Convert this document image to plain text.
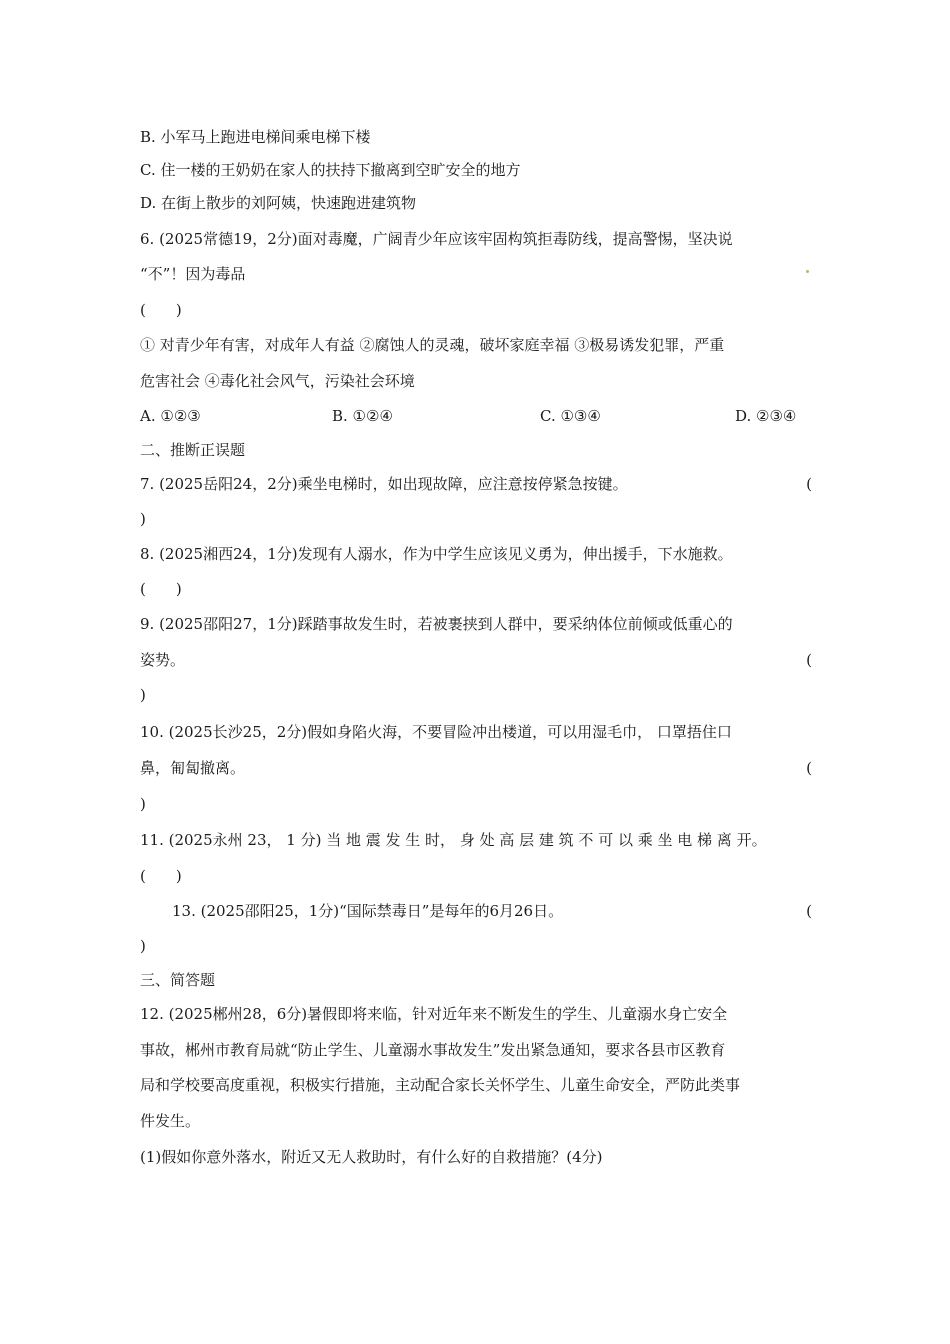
B. 小军马上跑进电梯间乘电梯下楼
C. 住一楼的王奶奶在家人的扶持下撤离到空旷安全的地方
D. 在街上散步的刘阿姨，快速跑进建筑物
6. (2025常德19，2分)面对毒魔，广阔青少年应该牢固构筑拒毒防线，提高警惕，坚决说
“不”！因为毒品
(　　)
① 对青少年有害，对成年人有益 ②腐蚀人的灵魂，破坏家庭幸福 ③极易诱发犯罪，严重
危害社会 ④毒化社会风气，污染社会环境
A. ①②③	B. ①②④	C. ①③④	D. ②③④
二、推断正误题
7. (2025岳阳24，2分)乘坐电梯时，如出现故障，应注意按停紧急按键。	(
)
8. (2025湘西24，1分)发现有人溺水，作为中学生应该见义勇为，伸出援手，下水施救。
(　　)
9. (2025邵阳27，1分)踩踏事故发生时，若被裹挟到人群中，要采纳体位前倾或低重心的
姿势。	(
)
10. (2025长沙25，2分)假如身陷火海，不要冒险冲出楼道，可以用湿毛巾， 口罩捂住口
鼻，匍匐撤离。	(
)
11. (2025永州 23， 1 分) 当 地 震 发 生 时， 身 处 高 层 建 筑 不 可 以 乘 坐 电 梯 离 开。
(　　)
13. (2025邵阳25，1分)“国际禁毒日”是每年的6月26日。	(
)
三、简答题
12. (2025郴州28，6分)暑假即将来临，针对近年来不断发生的学生、儿童溺水身亡安全
事故，郴州市教育局就“防止学生、儿童溺水事故发生”发出紧急通知，要求各县市区教育
局和学校要高度重视，积极实行措施，主动配合家长关怀学生、儿童生命安全，严防此类事
件发生。
(1)假如你意外落水，附近又无人救助时，有什么好的自救措施？(4分)
